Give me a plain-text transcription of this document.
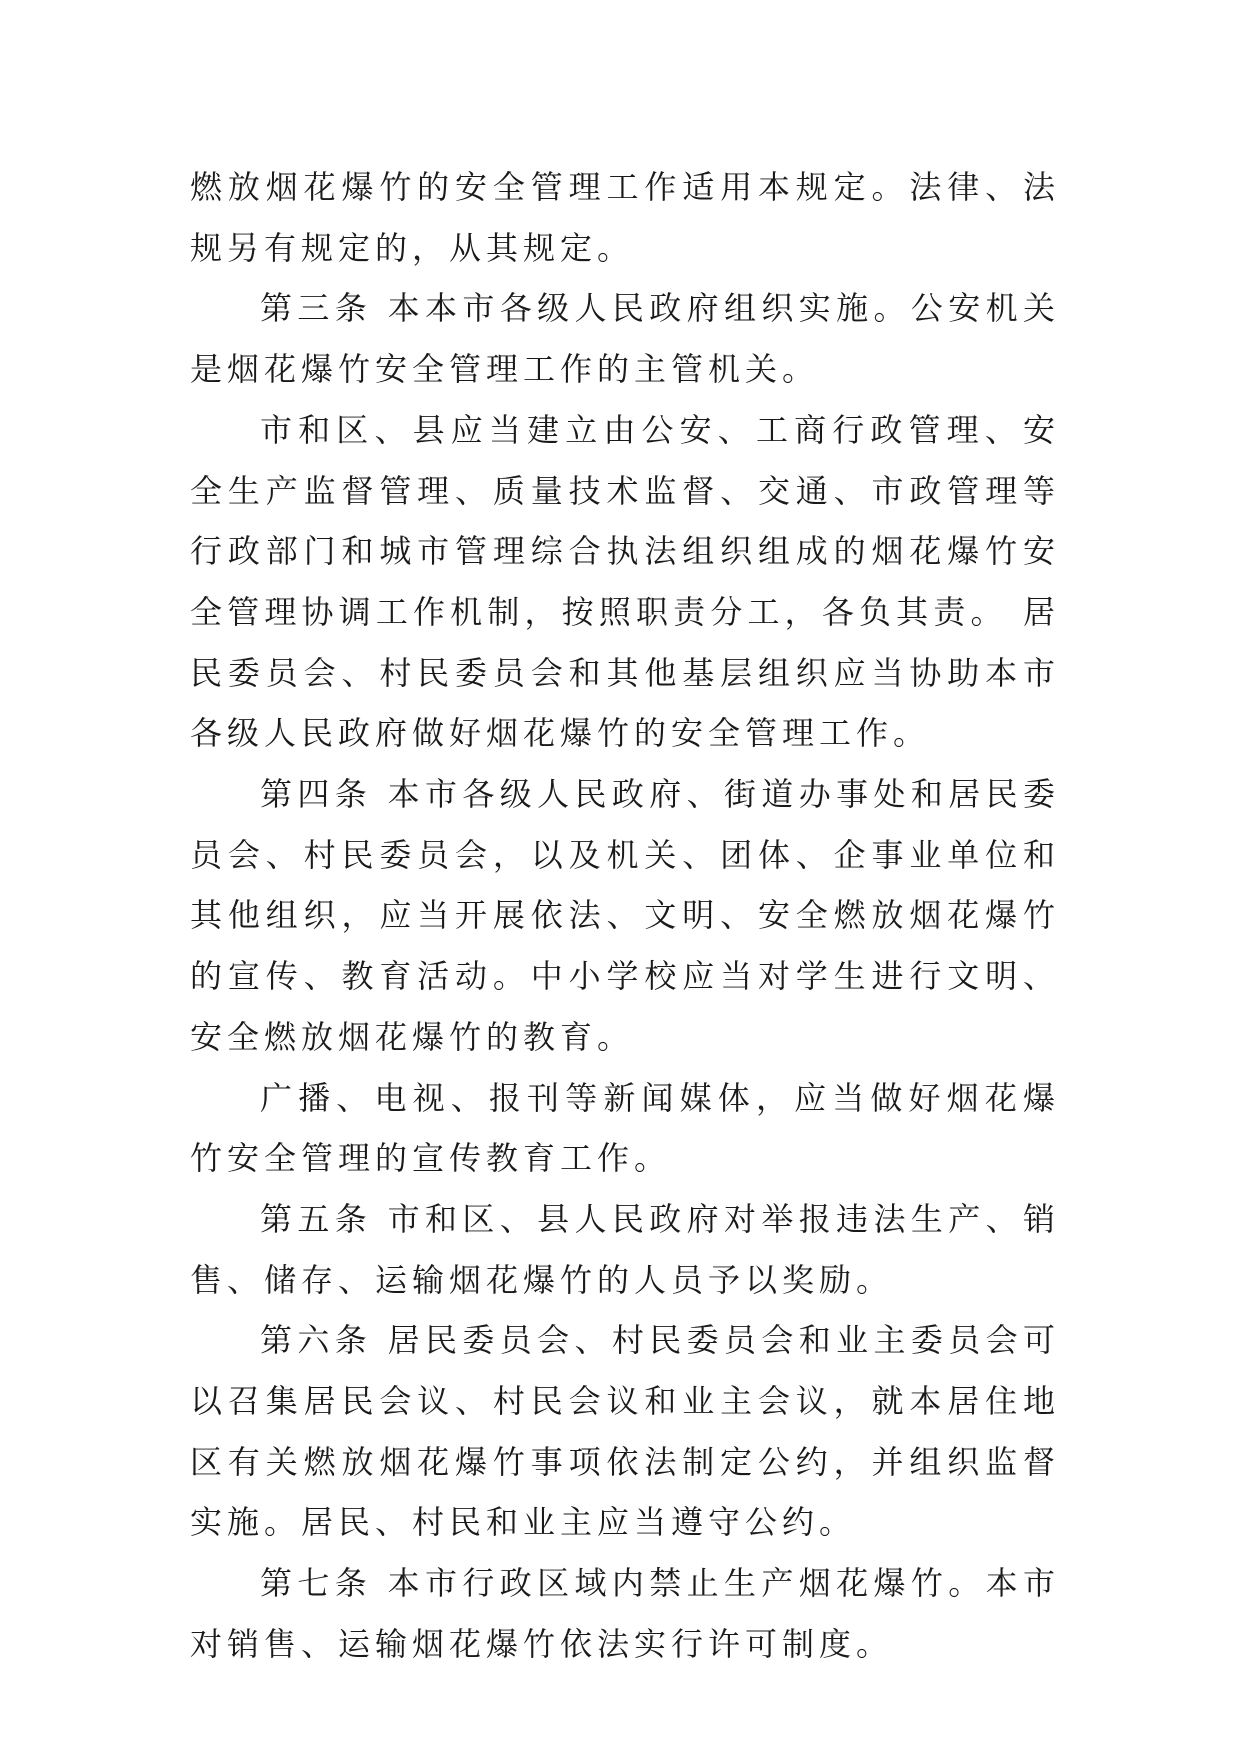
燃放烟花爆竹的安全管理工作适用本规定。法律、法规另有规定的，从其规定。

第三条 本本市各级人民政府组织实施。公安机关是烟花爆竹安全管理工作的主管机关。

市和区、县应当建立由公安、工商行政管理、安全生产监督管理、质量技术监督、交通、市政管理等行政部门和城市管理综合执法组织组成的烟花爆竹安全管理协调工作机制，按照职责分工，各负其责。 居民委员会、村民委员会和其他基层组织应当协助本市各级人民政府做好烟花爆竹的安全管理工作。

第四条 本市各级人民政府、街道办事处和居民委员会、村民委员会，以及机关、团体、企事业单位和其他组织，应当开展依法、文明、安全燃放烟花爆竹的宣传、教育活动。中小学校应当对学生进行文明、安全燃放烟花爆竹的教育。

广播、电视、报刊等新闻媒体，应当做好烟花爆竹安全管理的宣传教育工作。

第五条 市和区、县人民政府对举报违法生产、销售、储存、运输烟花爆竹的人员予以奖励。

第六条 居民委员会、村民委员会和业主委员会可以召集居民会议、村民会议和业主会议，就本居住地区有关燃放烟花爆竹事项依法制定公约，并组织监督实施。居民、村民和业主应当遵守公约。

第七条 本市行政区域内禁止生产烟花爆竹。本市对销售、运输烟花爆竹依法实行许可制度。
